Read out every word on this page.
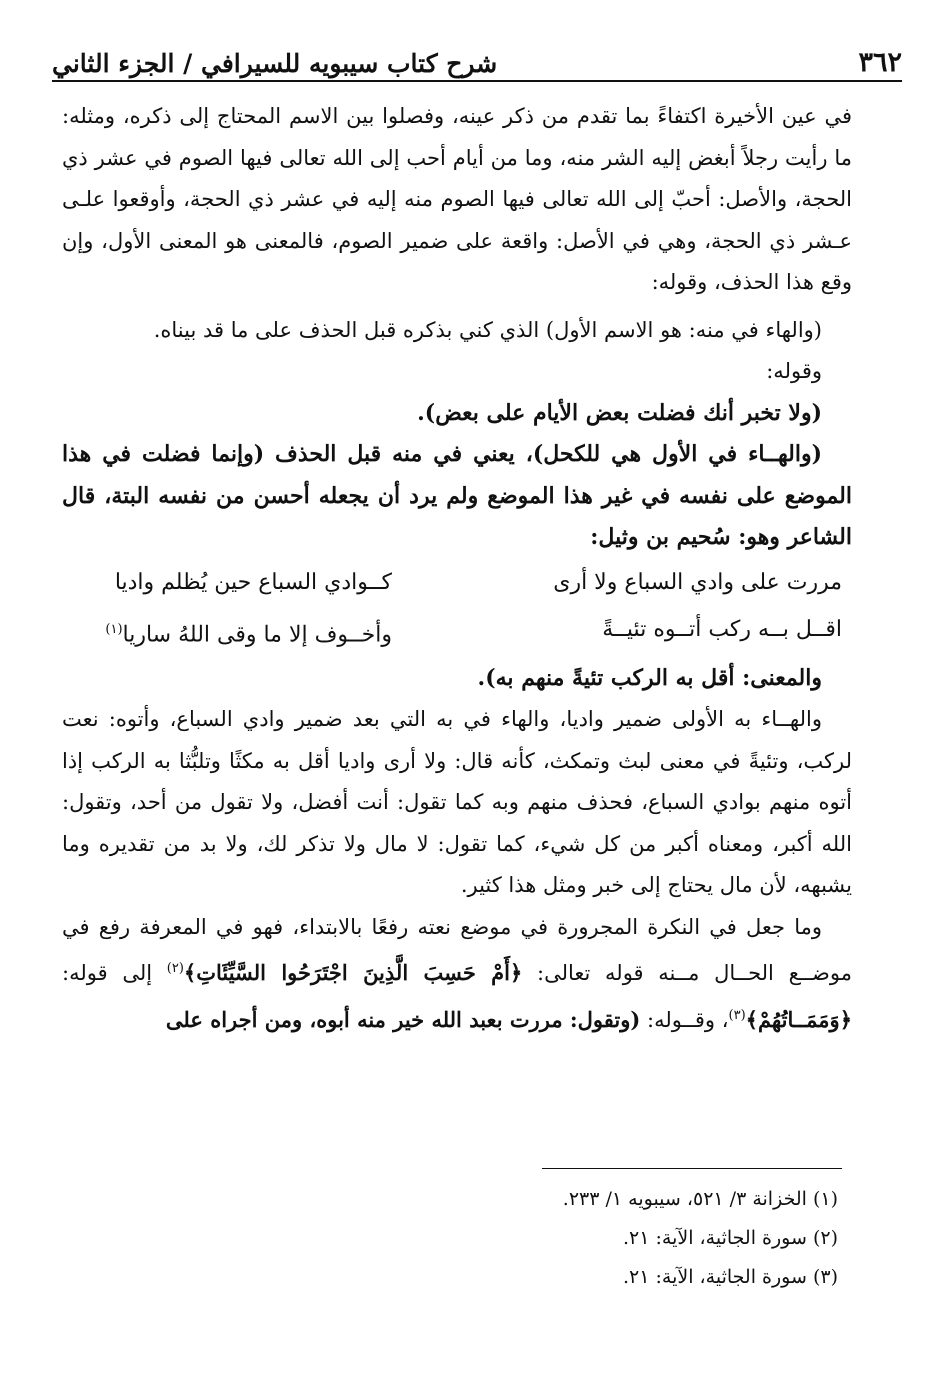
٣٦٢
شرح كتاب سيبويه للسيرافي / الجزء الثاني

في عين الأخيرة اكتفاءً بما تقدم من ذكر عينه، وفصلوا بين الاسم المحتاج إلى ذكره، ومثله: ما رأيت رجلاً أبغض إليه الشر منه، وما من أيام أحب إلى الله تعالى فيها الصوم في عشر ذي الحجة، والأصل: أحبّ إلى الله تعالى فيها الصوم منه إليه في عشر ذي الحجة، وأوقعوا علـى عـشر ذي الحجة، وهي في الأصل: واقعة على ضمير الصوم، فالمعنى هو المعنى الأول، وإن وقع هذا الحذف، وقوله:

(والهاء في منه: هو الاسم الأول) الذي كني بذكره قبل الحذف على ما قد بيناه.

وقوله:

(ولا تخبر أنك فضلت بعض الأيام على بعض).

(والهــاء في الأول هي للكحل)، يعني في منه قبل الحذف (وإنما فضلت في هذا الموضع على نفسه في غير هذا الموضع ولم يرد أن يجعله أحسن من نفسه البتة، قال الشاعر وهو: سُحيم بن وثيل:

مررت على وادي السباع ولا أرى
كــوادي السباع حين يُظلم واديا
اقــل بــه ركب أتــوه تئيــةً
وأخــوف إلا ما وقى اللهُ ساريا$^{(١)}$

والمعنى: أقل به الركب تئيةً منهم به).

والهــاء به الأولى ضمير واديا، والهاء في به التي بعد ضمير وادي السباع، وأتوه: نعت لركب، وتئيةً في معنى لبث وتمكث، كأنه قال: ولا أرى واديا أقل به مكثًا وتلبُّثا به الركب إذا أتوه منهم بوادي السباع، فحذف منهم وبه كما تقول: أنت أفضل، ولا تقول من أحد، وتقول: الله أكبر، ومعناه أكبر من كل شيء، كما تقول: لا مال ولا تذكر لك، ولا بد من تقديره وما يشبهه، لأن مال يحتاج إلى خبر ومثل هذا كثير.

وما جعل في النكرة المجرورة في موضع نعته رفعًا بالابتداء، فهو في المعرفة رفع في موضــع الحــال مــنه قوله تعالى: ﴿أَمْ حَسِبَ الَّذِينَ اجْتَرَحُوا السَّيِّئَاتِ﴾$^{(٢)}$ إلى قوله: ﴿وَمَمَــاتُهُمْ﴾$^{(٣)}$، وقــوله: (وتقول: مررت بعبد الله خير منه أبوه، ومن أجراه على

(١) الخزانة ٣/ ٥٢١، سيبويه ١/ ٢٣٣.
(٢) سورة الجاثية، الآية: ٢١.
(٣) سورة الجاثية، الآية: ٢١.
